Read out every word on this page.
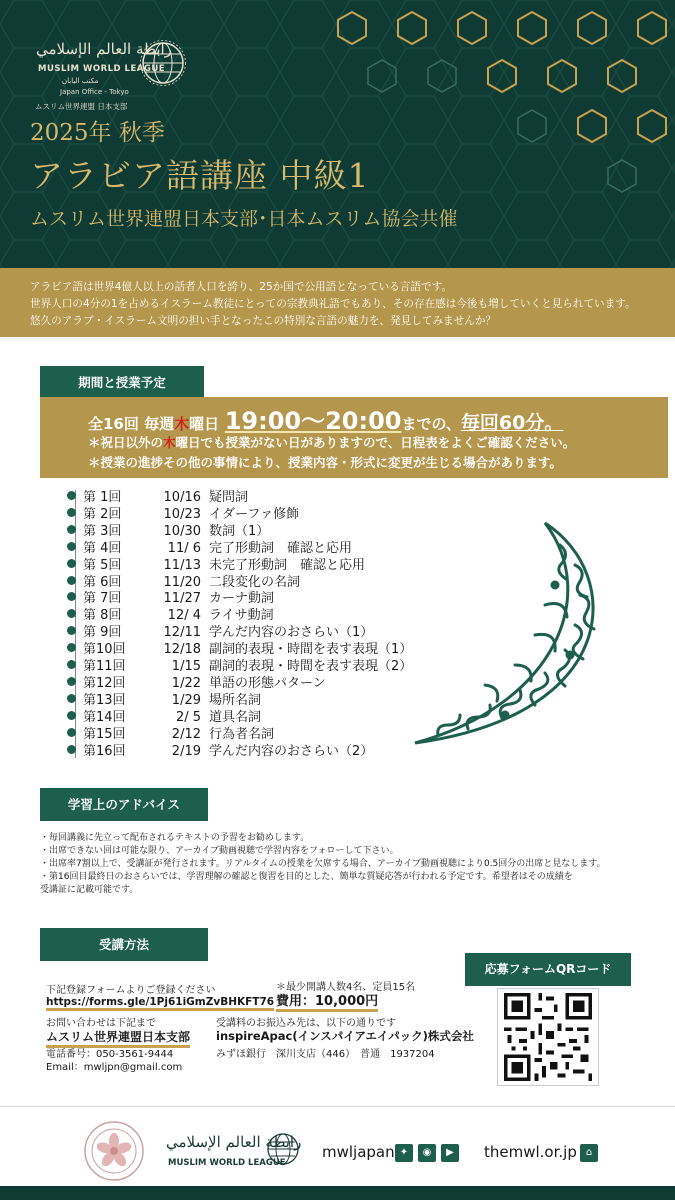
رابطة العالم الإسلامي
MUSLIM WORLD LEAGUE
مكتب اليابان
Japan Office - Tokyo
ムスリム世界連盟 日本支部
2025年 秋季
アラビア語講座 中級1
ムスリム世界連盟日本支部･日本ムスリム協会共催
アラビア語は世界4億人以上の話者人口を誇り、25か国で公用語となっている言語です。
世界人口の4分の1を占めるイスラーム教徒にとっての宗教典礼語でもあり、その存在感は今後も増していくと見られています。
悠久のアラブ・イスラーム文明の担い手となったこの特別な言語の魅力を、発見してみませんか？
期間と授業予定
全16回 毎週木曜日 19:00～20:00までの、毎回60分。
＊祝日以外の木曜日でも授業がない日がありますので、日程表をよくご確認ください。
＊授業の進捗その他の事情により、授業内容・形式に変更が生じる場合があります。
第 1回	10/16 疑問詞
第 2回	10/23 イダーファ修飾
第 3回	10/30 数詞（1）
第 4回	11/ 6 完了形動詞　確認と応用
第 5回	11/13 未完了形動詞　確認と応用
第 6回	11/20 二段変化の名詞
第 7回	11/27 カーナ動詞
第 8回	12/ 4 ライサ動詞
第 9回	12/11 学んだ内容のおさらい（1）
第10回	12/18 副詞的表現・時間を表す表現（1）
第11回	1/15 副詞的表現・時間を表す表現（2）
第12回	1/22 単語の形態パターン
第13回	1/29 場所名詞
第14回	2/ 5 道具名詞
第15回	2/12 行為者名詞
第16回	2/19 学んだ内容のおさらい（2）
学習上のアドバイス
・毎回講義に先立って配布されるテキストの予習をお勧めします。
・出席できない回は可能な限り、アーカイブ動画視聴で学習内容をフォローして下さい。
・出席率7割以上で、受講証が発行されます。リアルタイムの授業を欠席する場合、アーカイブ動画視聴により0.5回分の出席と見なします。
・第16回目最終日のおさらいでは、学習理解の確認と復習を目的とした、簡単な質疑応答が行われる予定です。希望者はその成績を
受講証に記載可能です。
受講方法
下記登録フォームよりご登録ください
https://forms.gle/1Pj61iGmZvBHKFT76
＊最少開講人数4名、定員15名
費用：10,000円
お問い合わせは下記まで
ムスリム世界連盟日本支部
電話番号：050-3561-9444
Email：mwljpn@gmail.com
受講料のお振込み先は、以下の通りです
inspireApac(インスパイアエイパック)株式会社
みずほ銀行　深川支店（446）　普通　1937204
応募フォームQRコード
رابطة العالم الإسلامي
MUSLIM WORLD LEAGUE
mwljapan ✦	◉	▶	themwl.or.jp ⌂
